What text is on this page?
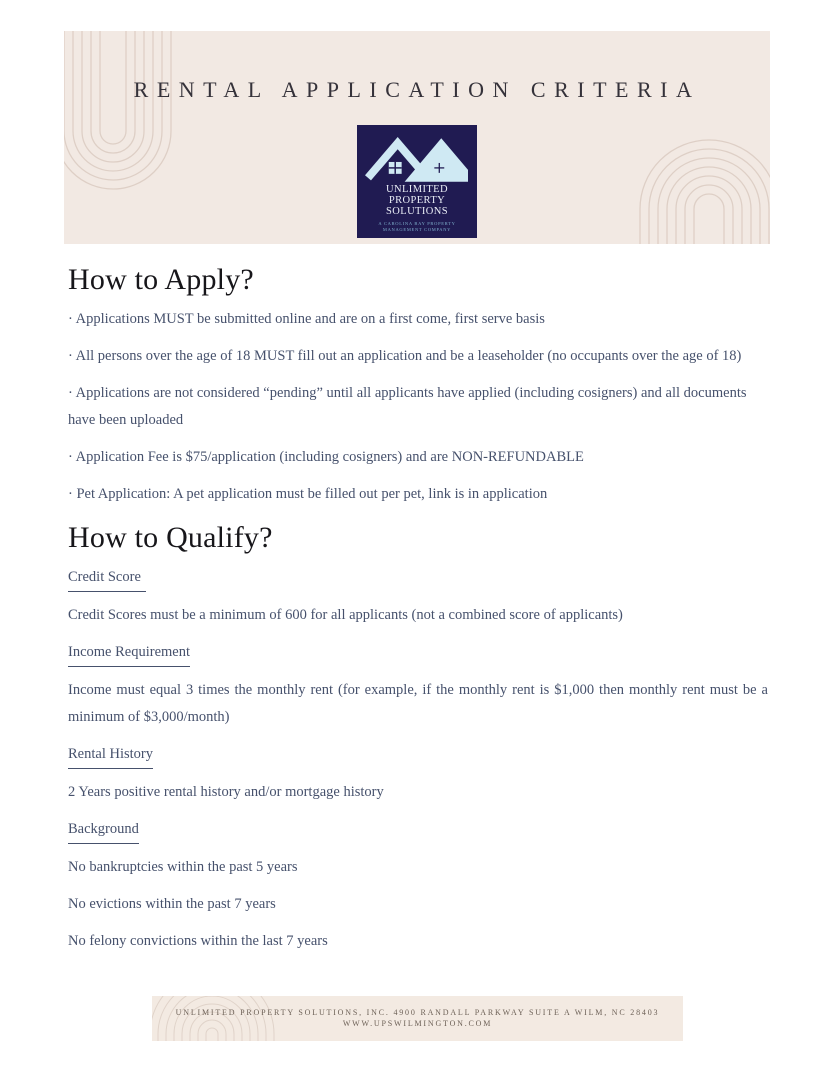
RENTAL APPLICATION CRITERIA
UNLIMITED
PROPERTY
SOLUTIONS
A CAROLINA BAY PROPERTY
MANAGEMENT COMPANY
How to Apply?

· Applications MUST be submitted online and are on a first come, first serve basis

· All persons over the age of 18 MUST fill out an application and be a leaseholder (no occupants over the age of 18)

· Applications are not considered “pending” until all applicants have applied (including cosigners) and all documents have been uploaded

· Application Fee is $75/application (including cosigners) and are NON-REFUNDABLE

· Pet Application: A pet application must be filled out per pet, link is in application

How to Qualify?

Credit Score

Credit Scores must be a minimum of 600 for all applicants (not a combined score of applicants)

Income Requirement

Income must equal 3 times the monthly rent (for example, if the monthly rent is $1,000 then monthly rent must be a minimum of $3,000/month)

Rental History

2 Years positive rental history and/or mortgage history

Background

No bankruptcies within the past 5 years

No evictions within the past 7 years

No felony convictions within the last 7 years

UNLIMITED PROPERTY SOLUTIONS, INC. 4900 RANDALL PARKWAY SUITE A WILM, NC 28403
WWW.UPSWILMINGTON.COM
